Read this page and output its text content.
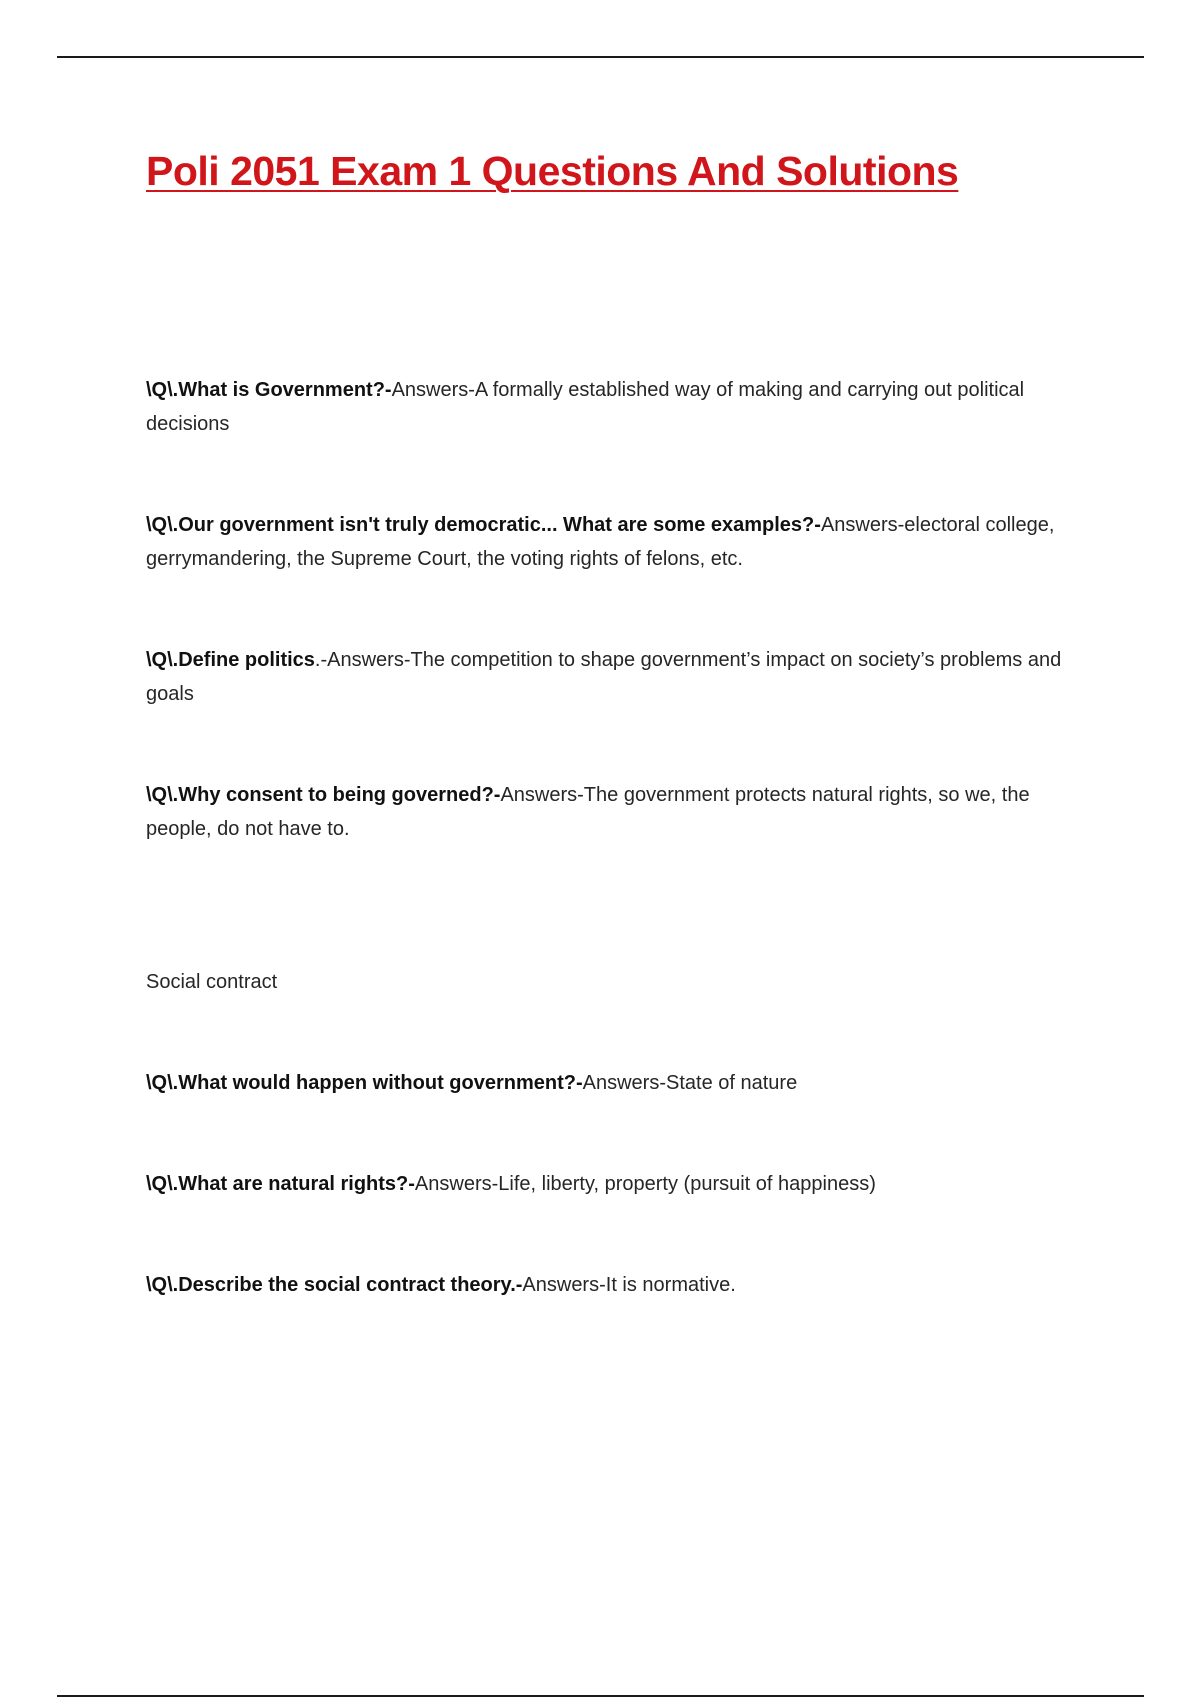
Poli 2051 Exam 1 Questions And Solutions

\Q\.What is Government?-Answers-A formally established way of making and carrying out political decisions

\Q\.Our government isn't truly democratic... What are some examples?-Answers-electoral college, gerrymandering, the Supreme Court, the voting rights of felons, etc.

\Q\.Define politics.-Answers-The competition to shape government’s impact on society’s problems and goals

\Q\.Why consent to being governed?-Answers-The government protects natural rights, so we, the people, do not have to.

Social contract

\Q\.What would happen without government?-Answers-State of nature

\Q\.What are natural rights?-Answers-Life, liberty, property (pursuit of happiness)

\Q\.Describe the social contract theory.-Answers-It is normative.
